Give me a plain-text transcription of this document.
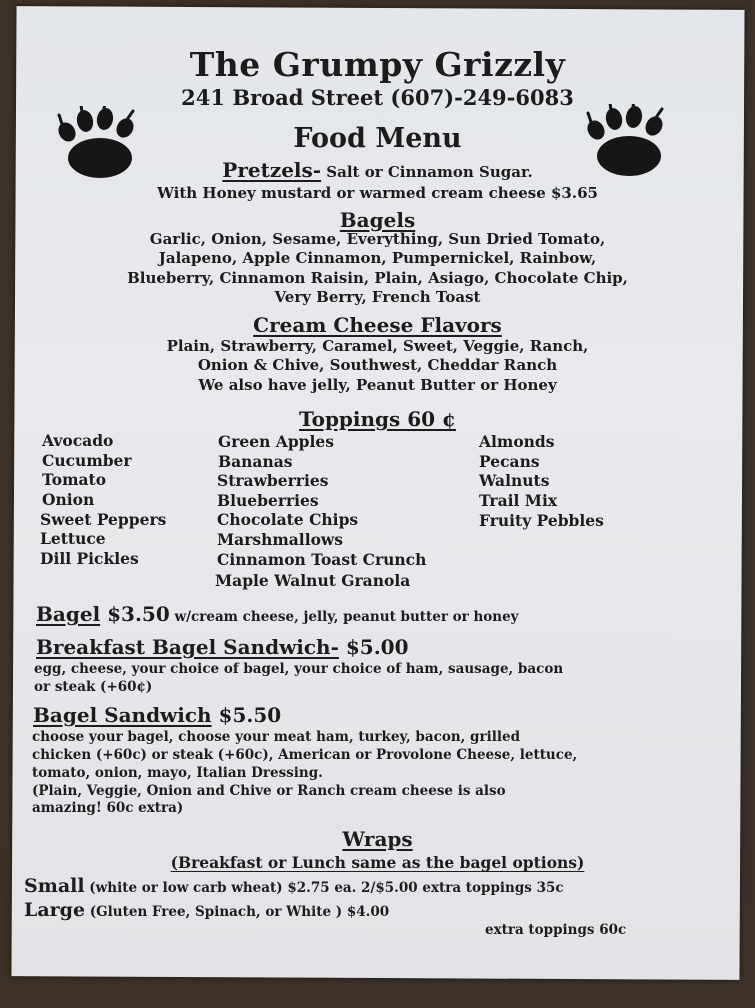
The Grumpy Grizzly
241 Broad Street (607)-249-6083
Food Menu
Pretzels- Salt or Cinnamon Sugar.
With Honey mustard or warmed cream cheese $3.65
Bagels
Garlic, Onion, Sesame, Everything, Sun Dried Tomato,
Jalapeno, Apple Cinnamon, Pumpernickel, Rainbow,
Blueberry, Cinnamon Raisin, Plain, Asiago, Chocolate Chip,
Very Berry, French Toast
Cream Cheese Flavors
Plain, Strawberry, Caramel, Sweet, Veggie, Ranch,
Onion & Chive, Southwest, Cheddar Ranch
We also have jelly, Peanut Butter or Honey
Toppings 60 ¢
Avocado
Cucumber
Tomato
Onion
Sweet Peppers
Lettuce
Dill Pickles
Green Apples
Bananas
Strawberries
Blueberries
Chocolate Chips
Marshmallows
Cinnamon Toast Crunch
Maple Walnut Granola
Almonds
Pecans
Walnuts
Trail Mix
Fruity Pebbles
Bagel $3.50 w/cream cheese, jelly, peanut butter or honey
Breakfast Bagel Sandwich- $5.00
egg, cheese, your choice of bagel, your choice of ham, sausage, bacon
or steak (+60¢)
Bagel Sandwich $5.50
choose your bagel, choose your meat ham, turkey, bacon, grilled
chicken (+60c) or steak (+60c), American or Provolone Cheese, lettuce,
tomato, onion, mayo, Italian Dressing.
(Plain, Veggie, Onion and Chive or Ranch cream cheese is also
amazing! 60c extra)
Wraps
(Breakfast or Lunch same as the bagel options)
Small (white or low carb wheat) $2.75 ea. 2/$5.00 extra toppings 35c
Large (Gluten Free, Spinach, or White ) $4.00
extra toppings 60c
